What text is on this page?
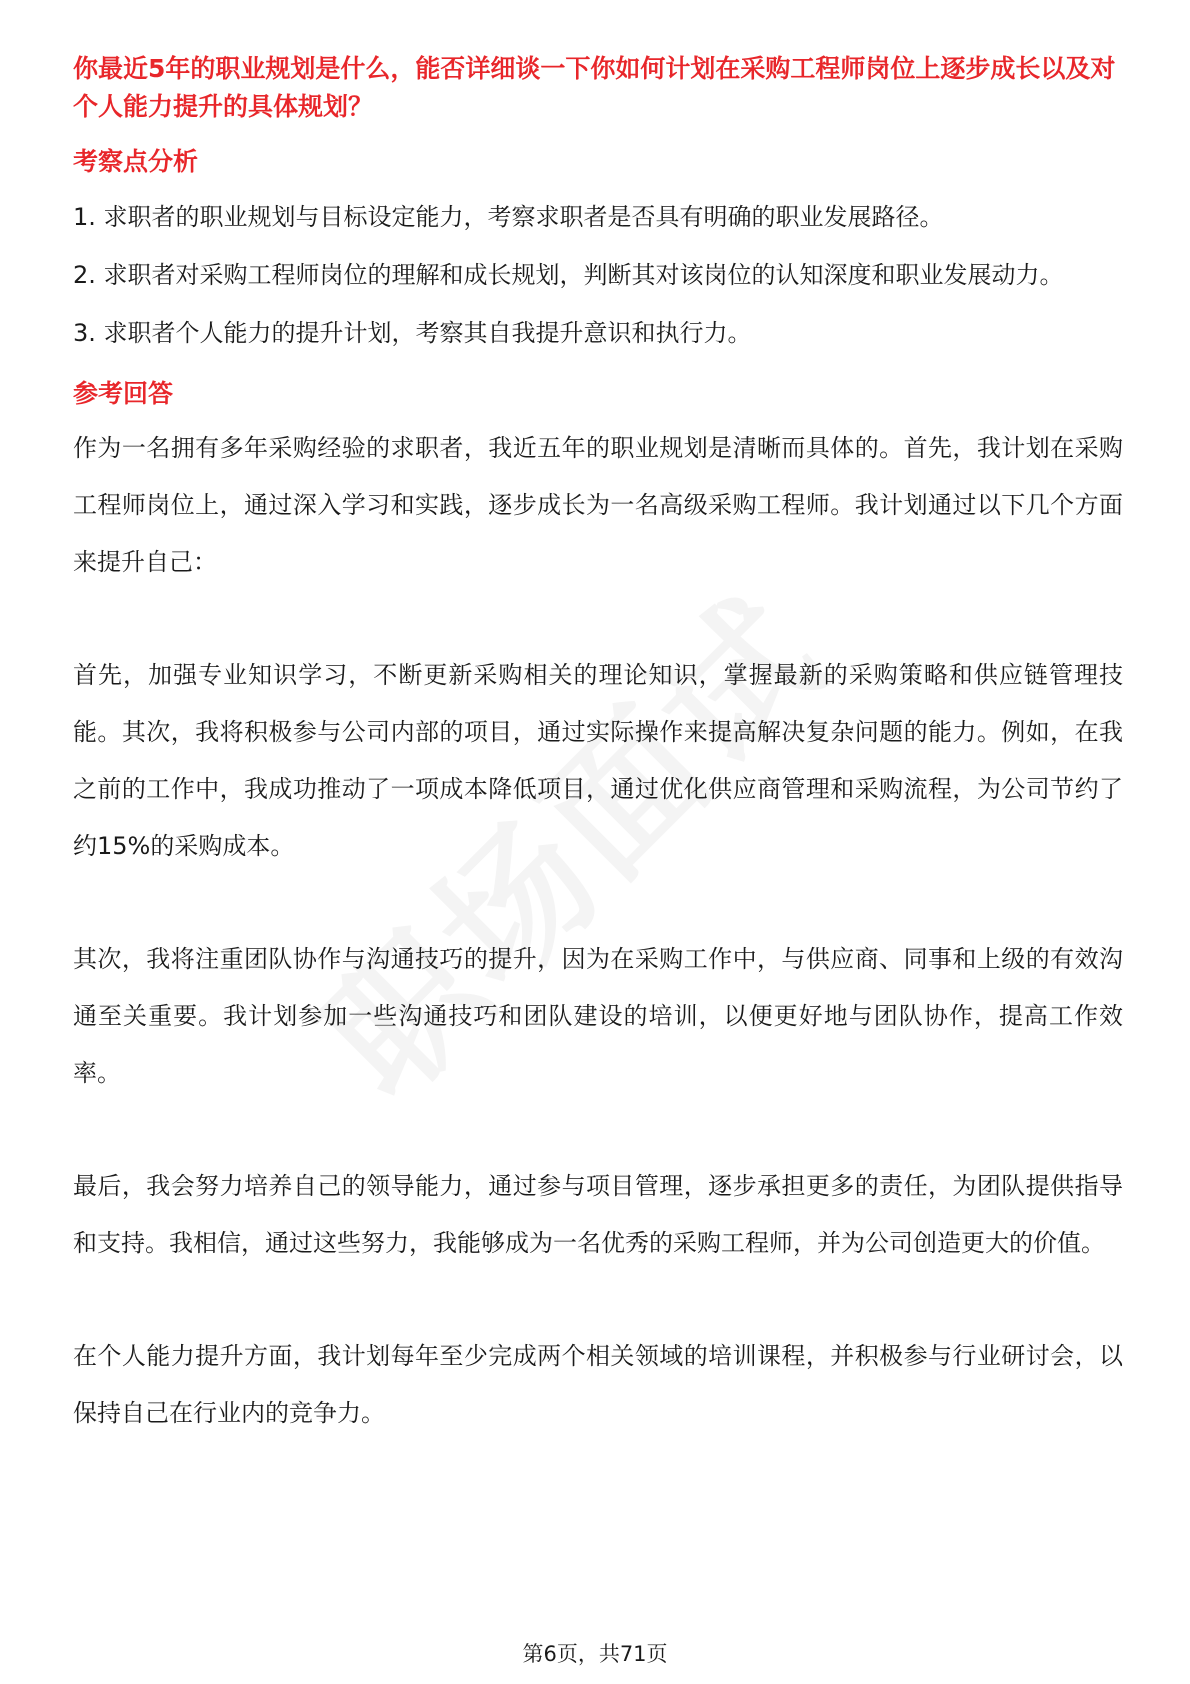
你最近5年的职业规划是什么，能否详细谈一下你如何计划在采购工程师岗位上逐步成长以及对个人能力提升的具体规划？

考察点分析

1. 求职者的职业规划与目标设定能力，考察求职者是否具有明确的职业发展路径。

2. 求职者对采购工程师岗位的理解和成长规划，判断其对该岗位的认知深度和职业发展动力。

3. 求职者个人能力的提升计划，考察其自我提升意识和执行力。

参考回答

作为一名拥有多年采购经验的求职者，我近五年的职业规划是清晰而具体的。首先，我计划在采购工程师岗位上，通过深入学习和实践，逐步成长为一名高级采购工程师。我计划通过以下几个方面来提升自己：

首先，加强专业知识学习，不断更新采购相关的理论知识，掌握最新的采购策略和供应链管理技能。其次，我将积极参与公司内部的项目，通过实际操作来提高解决复杂问题的能力。例如，在我之前的工作中，我成功推动了一项成本降低项目，通过优化供应商管理和采购流程，为公司节约了约15%的采购成本。

其次，我将注重团队协作与沟通技巧的提升，因为在采购工作中，与供应商、同事和上级的有效沟通至关重要。我计划参加一些沟通技巧和团队建设的培训，以便更好地与团队协作，提高工作效率。

最后，我会努力培养自己的领导能力，通过参与项目管理，逐步承担更多的责任，为团队提供指导和支持。我相信，通过这些努力，我能够成为一名优秀的采购工程师，并为公司创造更大的价值。

在个人能力提升方面，我计划每年至少完成两个相关领域的培训课程，并积极参与行业研讨会，以保持自己在行业内的竞争力。

第6页，共71页
